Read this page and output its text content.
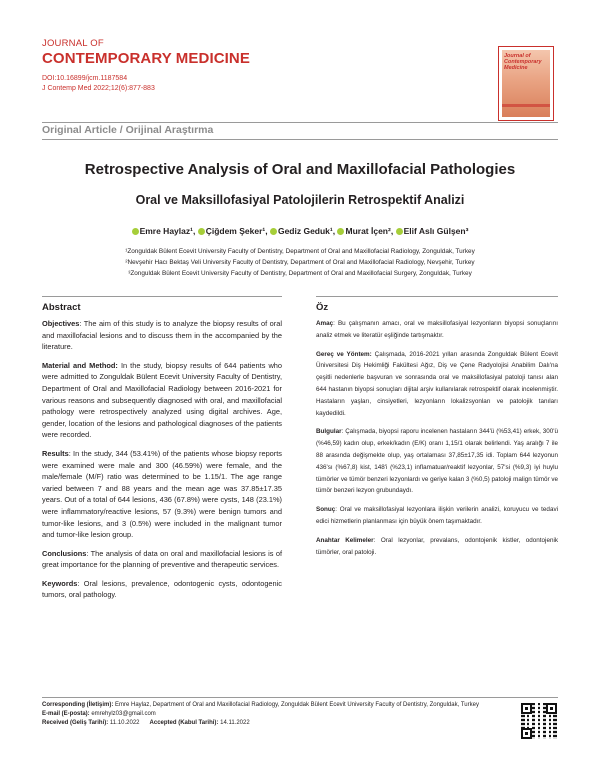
JOURNAL OF
CONTEMPORARY MEDICINE
DOI:10.16899/jcm.1187584
J Contemp Med 2022;12(6):877-883
Journal of Contemporary Medicine
Original Article / Orijinal Araştırma
Retrospective Analysis of Oral and Maxillofacial Pathologies
Oral ve Maksillofasiyal Patolojilerin Retrospektif Analizi
Emre Haylaz¹, Çiğdem Şeker¹, Gediz Geduk¹, Murat İçen², Elif Aslı Gülşen³
¹Zonguldak Bülent Ecevit University Faculty of Dentistry, Department of Oral and Maxillofacial Radiology, Zonguldak, Turkey
²Nevşehir Hacı Bektaş Veli University Faculty of Dentistry, Department of Oral and Maxillofacial Radiology, Nevşehir, Turkey
³Zonguldak Bülent Ecevit University Faculty of Dentistry, Department of Oral and Maxillofacial Surgery, Zonguldak, Turkey
Abstract

Objectives: The aim of this study is to analyze the biopsy results of oral and maxillofacial lesions and to discuss them in the accompanied by the literature.

Material and Method: In the study, biopsy results of 644 patients who were admitted to Zonguldak Bülent Ecevit University Faculty of Dentistry, Department of Oral and Maxillofacial Radiology between 2016-2021 for various reasons and subsequently diagnosed with oral, and maxillofacial pathology were retrospectively analyzed using digital archives. Age, gender, location of the lesions and pathological diagnoses of the patients were recorded.

Results: In the study, 344 (53.41%) of the patients whose biopsy reports were examined were male and 300 (46.59%) were female, and the male/female (M/F) ratio was determined to be 1.15/1. The age range varied between 7 and 88 years and the mean age was 37.85±17.35 years. Out of a total of 644 lesions, 436 (67.8%) were cysts, 148 (23.1%) were inflammatory/reactive lesions, 57 (9.3%) were benign tumors and tumor-like lesions, and 3 (0.5%) were included in the malignant tumor and tumor-like lesion group.

Conclusions: The analysis of data on oral and maxillofacial lesions is of great importance for the planning of preventive and therapeutic services.

Keywords: Oral lesions, prevalence, odontogenic cysts, odontogenic tumors, oral pathology.

Öz

Amaç: Bu çalışmanın amacı, oral ve maksillofasiyal lezyonların biyopsi sonuçlarını analiz etmek ve literatür eşliğinde tartışmaktır.

Gereç ve Yöntem: Çalışmada, 2016-2021 yılları arasında Zonguldak Bülent Ecevit Üniversitesi Diş Hekimliği Fakültesi Ağız, Diş ve Çene Radyolojisi Anabilim Dalı'na çeşitli nedenlerle başvuran ve sonrasında oral ve maksillofasiyal patoloji tanısı alan 644 hastanın biyopsi sonuçları dijital arşiv kullanılarak retrospektif olarak incelenmiştir. Hastaların yaşları, cinsiyetleri, lezyonların lokalizsyonları ve patolojik tanıları kaydedildi.

Bulgular: Çalışmada, biyopsi raporu incelenen hastaların 344'ü (%53,41) erkek, 300'ü (%46,59) kadın olup, erkek/kadın (E/K) oranı 1,15/1 olarak belirlendi. Yaş aralığı 7 ile 88 arasında değişmekte olup, yaş ortalaması 37,85±17,35 idi. Toplam 644 lezyonun 436'sı (%67,8) kist, 148'i (%23,1) inflamatuar/reaktif lezyonlar, 57'si (%9,3) iyi huylu tümörler ve tümör benzeri lezyonlardı ve geriye kalan 3 (%0,5) patoloji malign tümör ve tümör benzeri lezyon grubundaydı.

Sonuç: Oral ve maksillofasiyal lezyonlara ilişkin verilerin analizi, koruyucu ve tedavi edici hizmetlerin planlanması için büyük önem taşımaktadır.

Anahtar Kelimeler: Oral lezyonlar, prevalans, odontojenik kistler, odontojenik tümörler, oral patoloji.

Corresponding (İletişim): Emre Haylaz, Department of Oral and Maxillofacial Radiology, Zonguldak Bülent Ecevit University Faculty of Dentistry, Zonguldak, Turkey
E-mail (E-posta): emrehylz03@gmail.com
Received (Geliş Tarihi): 11.10.2022 Accepted (Kabul Tarihi): 14.11.2022
